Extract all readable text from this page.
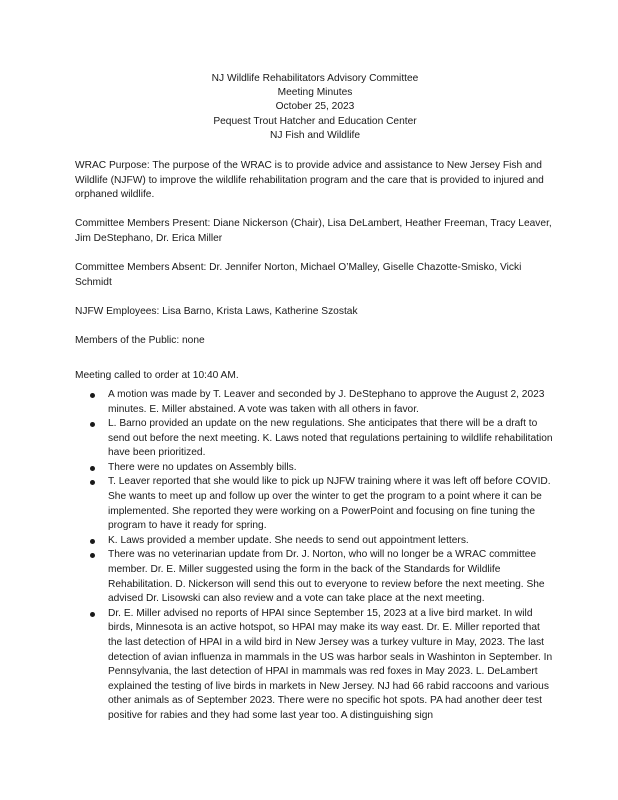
NJ Wildlife Rehabilitators Advisory Committee
Meeting Minutes
October 25, 2023
Pequest Trout Hatcher and Education Center
NJ Fish and Wildlife

WRAC Purpose: The purpose of the WRAC is to provide advice and assistance to New Jersey Fish and Wildlife (NJFW) to improve the wildlife rehabilitation program and the care that is provided to injured and orphaned wildlife.

Committee Members Present: Diane Nickerson (Chair), Lisa DeLambert, Heather Freeman, Tracy Leaver, Jim DeStephano, Dr. Erica Miller

Committee Members Absent: Dr. Jennifer Norton, Michael O’Malley, Giselle Chazotte-Smisko, Vicki Schmidt

NJFW Employees: Lisa Barno, Krista Laws, Katherine Szostak

Members of the Public: none

Meeting called to order at 10:40 AM.

A motion was made by T. Leaver and seconded by J. DeStephano to approve the August 2, 2023 minutes. E. Miller abstained. A vote was taken with all others in favor.
L. Barno provided an update on the new regulations. She anticipates that there will be a draft to send out before the next meeting. K. Laws noted that regulations pertaining to wildlife rehabilitation have been prioritized.
There were no updates on Assembly bills.
T. Leaver reported that she would like to pick up NJFW training where it was left off before COVID. She wants to meet up and follow up over the winter to get the program to a point where it can be implemented. She reported they were working on a PowerPoint and focusing on fine tuning the program to have it ready for spring.
K. Laws provided a member update. She needs to send out appointment letters.
There was no veterinarian update from Dr. J. Norton, who will no longer be a WRAC committee member. Dr. E. Miller suggested using the form in the back of the Standards for Wildlife Rehabilitation. D. Nickerson will send this out to everyone to review before the next meeting. She advised Dr. Lisowski can also review and a vote can take place at the next meeting.
Dr. E. Miller advised no reports of HPAI since September 15, 2023 at a live bird market. In wild birds, Minnesota is an active hotspot, so HPAI may make its way east. Dr. E. Miller reported that the last detection of HPAI in a wild bird in New Jersey was a turkey vulture in May, 2023. The last detection of avian influenza in mammals in the US was harbor seals in Washinton in September. In Pennsylvania, the last detection of HPAI in mammals was red foxes in May 2023. L. DeLambert explained the testing of live birds in markets in New Jersey. NJ had 66 rabid raccoons and various other animals as of September 2023. There were no specific hot spots. PA had another deer test positive for rabies and they had some last year too. A distinguishing sign
